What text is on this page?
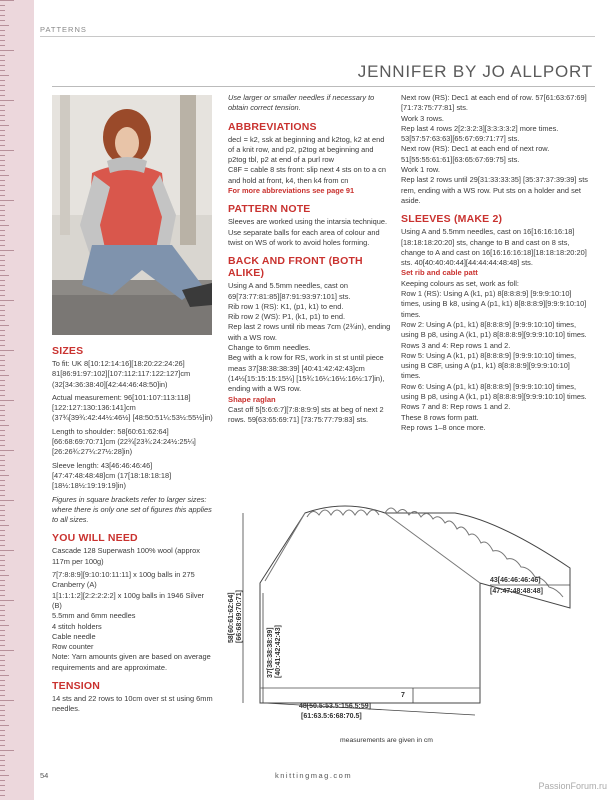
PATTERNS
JENNIFER BY JO ALLPORT
SIZES

To fit: UK 8[10:12:14:16][18:20:22:24:26] 81[86:91:97:102][107:112:117:122:127]cm (32[34:36:38:40][42:44:46:48:50]in)

Actual measurement: 96[101:107:113:118] [122:127:130:136:141]cm (37¾[39¾:42:44½:46½] [48:50:51¼:53½:55½]in)

Length to shoulder: 58[60:61:62:64] [66:68:69:70:71]cm (22¾[23¾:24:24½:25¼] [26:26¾:27¼:27½:28]in)

Sleeve length: 43[46:46:46:46] [47:47:48:48:48]cm (17[18:18:18:18] [18½:18½:19:19:19]in)

Figures in square brackets refer to larger sizes: where there is only one set of figures this applies to all sizes.

YOU WILL NEED

Cascade 128 Superwash 100% wool (approx 117m per 100g)

7[7:8:8:9][9:10:10:11:11] x 100g balls in 275 Cranberry (A)

1[1:1:1:2][2:2:2:2:2] x 100g balls in 1946 Silver (B)

5.5mm and 6mm needles

4 stitch holders

Cable needle

Row counter

Note: Yarn amounts given are based on average requirements and are approximate.

TENSION

14 sts and 22 rows to 10cm over st st using 6mm needles.

Use larger or smaller needles if necessary to obtain correct tension.

ABBREVIATIONS

decl = k2, ssk at beginning and k2tog, k2 at end of a knit row, and p2, p2tog at beginning and p2tog tbl, p2 at end of a purl row

C8F = cable 8 sts front: slip next 4 sts on to a cn and hold at front, k4, then k4 from cn

For more abbreviations see page 91

PATTERN NOTE

Sleeves are worked using the intarsia technique. Use separate balls for each area of colour and twist on WS of work to avoid holes forming.

BACK AND FRONT (BOTH ALIKE)

Using A and 5.5mm needles, cast on 69[73:77:81:85][87:91:93:97:101] sts.

Rib row 1 (RS): K1, (p1, k1) to end.

Rib row 2 (WS): P1, (k1, p1) to end.

Rep last 2 rows until rib meas 7cm (2¾in), ending with a WS row.

Change to 6mm needles.

Beg with a k row for RS, work in st st until piece meas 37[38:38:38:39] [40:41:42:42:43]cm (14½[15:15:15:15¼] [15¾:16¼:16½:16½:17]in), ending with a WS row.

Shape raglan

Cast off 5[5:6:6:7][7:8:8:9:9] sts at beg of next 2 rows. 59[63:65:69:71] [73:75:77:79:83] sts.

Next row (RS): Dec1 at each end of row. 57[61:63:67:69][71:73:75:77:81] sts.

Work 3 rows.

Rep last 4 rows 2[2:3:2:3][3:3:3:3:2] more times. 53[57:57:63:63][65:67:69:71:77] sts.

Next row (RS): Dec1 at each end of next row. 51[55:55:61:61][63:65:67:69:75] sts.

Work 1 row.

Rep last 2 rows until 29[31:33:33:35] [35:37:37:39:39] sts rem, ending with a WS row. Put sts on a holder and set aside.

SLEEVES (MAKE 2)

Using A and 5.5mm needles, cast on 16[16:16:16:18][18:18:18:20:20] sts, change to B and cast on 8 sts, change to A and cast on 16[16:16:16:18][18:18:18:20:20] sts. 40[40:40:40:44][44:44:44:48:48] sts.

Set rib and cable patt

Keeping colours as set, work as foll:

Row 1 (RS): Using A (k1, p1) 8[8:8:8:9] [9:9:9:10:10] times, using B k8, using A (p1, k1) 8[8:8:8:9][9:9:9:10:10] times.

Row 2: Using A (p1, k1) 8[8:8:8:9] [9:9:9:10:10] times, using B p8, using A (k1, p1) 8[8:8:8:9][9:9:9:10:10] times.

Rows 3 and 4: Rep rows 1 and 2.

Row 5: Using A (k1, p1) 8[8:8:8:9] [9:9:9:10:10] times, using B C8F, using A (p1, k1) 8[8:8:8:9][9:9:9:10:10] times.

Row 6: Using A (p1, k1) 8[8:8:8:9] [9:9:9:10:10] times, using B p8, using A (k1, p1) 8[8:8:8:9][9:9:9:10:10] times.

Rows 7 and 8: Rep rows 1 and 2.

These 8 rows form patt.

Rep rows 1–8 once more.

58[60:61:62:64] [66:68:69:70:71]
37[38:38:38:39] [40:41:42:42:43]
7
48[50.5:53.5:156.5:59]
[61:63.5:6:68:70.5]
43[46:46:46:46]
[47:47:48:48:48]
measurements are given in cm
54	knittingmag.com
PassionForum.ru
